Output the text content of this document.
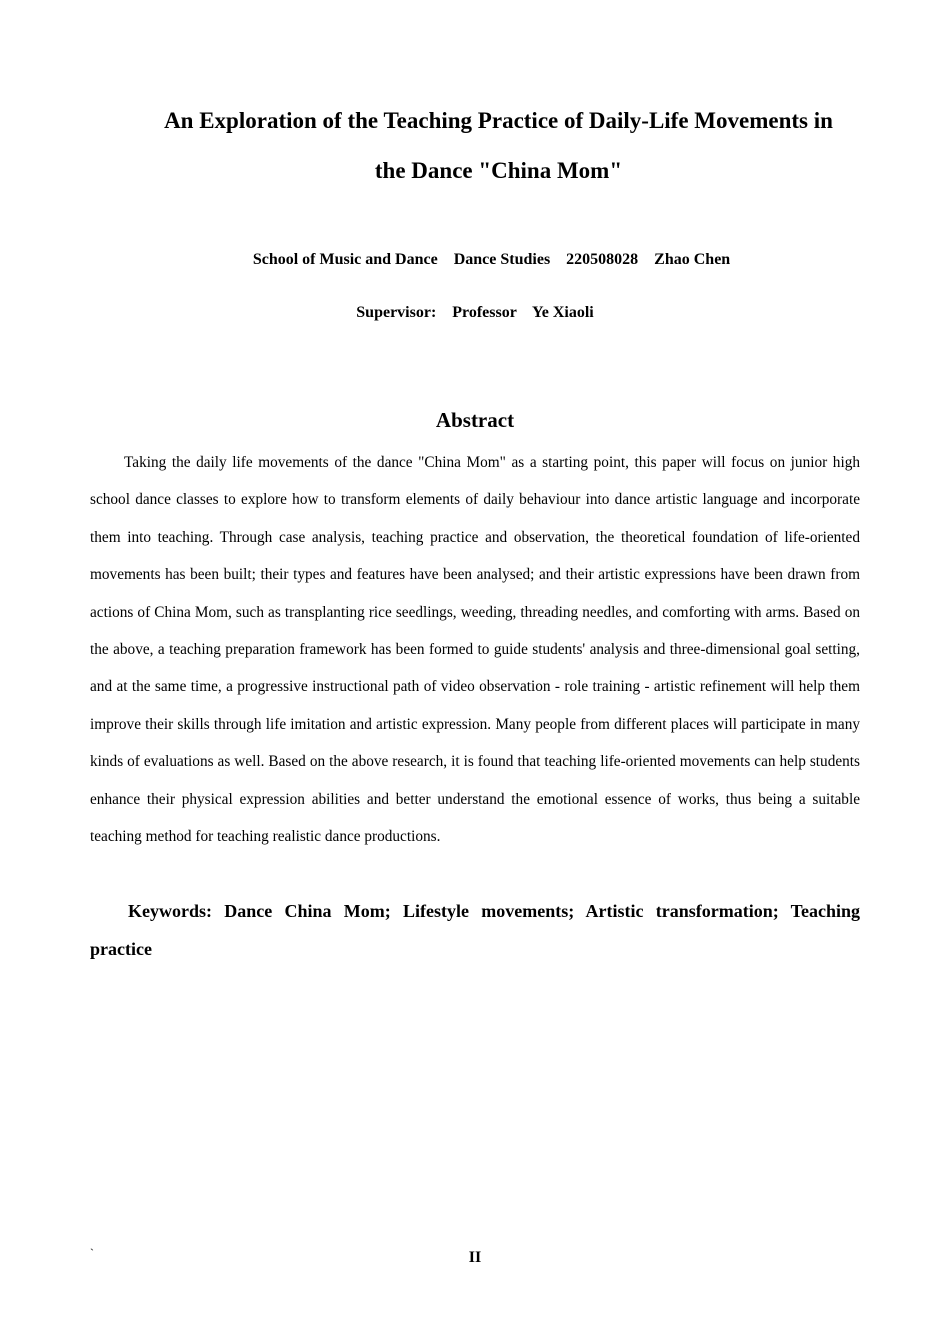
An Exploration of the Teaching Practice of Daily-Life Movements in
the Dance "China Mom"
School of Music and Dance    Dance Studies    220508028    Zhao Chen
Supervisor:    Professor    Ye Xiaoli
Abstract

Taking the daily life movements of the dance "China Mom" as a starting point, this paper will focus on junior high school dance classes to explore how to transform elements of daily behaviour into dance artistic language and incorporate them into teaching. Through case analysis, teaching practice and observation, the theoretical foundation of life-oriented movements has been built; their types and features have been analysed; and their artistic expressions have been drawn from actions of China Mom, such as transplanting rice seedlings, weeding, threading needles, and comforting with arms. Based on the above, a teaching preparation framework has been formed to guide students' analysis and three-dimensional goal setting, and at the same time, a progressive instructional path of video observation - role training - artistic refinement will help them improve their skills through life imitation and artistic expression. Many people from different places will participate in many kinds of evaluations as well. Based on the above research, it is found that teaching life-oriented movements can help students enhance their physical expression abilities and better understand the emotional essence of works, thus being a suitable teaching method for teaching realistic dance productions.

Keywords: Dance China Mom; Lifestyle movements; Artistic transformation; Teaching practice

`	II
